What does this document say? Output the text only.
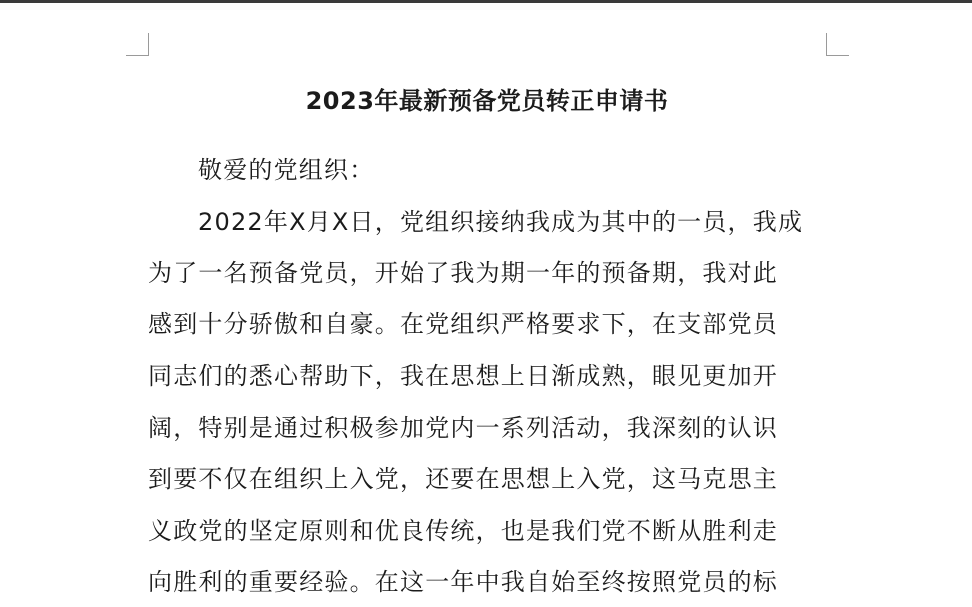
2023年最新预备党员转正申请书
敬爱的党组织：
2022年X月X日，党组织接纳我成为其中的一员，我成
为了一名预备党员，开始了我为期一年的预备期，我对此
感到十分骄傲和自豪。在党组织严格要求下，在支部党员
同志们的悉心帮助下，我在思想上日渐成熟，眼见更加开
阔，特别是通过积极参加党内一系列活动，我深刻的认识
到要不仅在组织上入党，还要在思想上入党，这马克思主
义政党的坚定原则和优良传统，也是我们党不断从胜利走
向胜利的重要经验。在这一年中我自始至终按照党员的标
